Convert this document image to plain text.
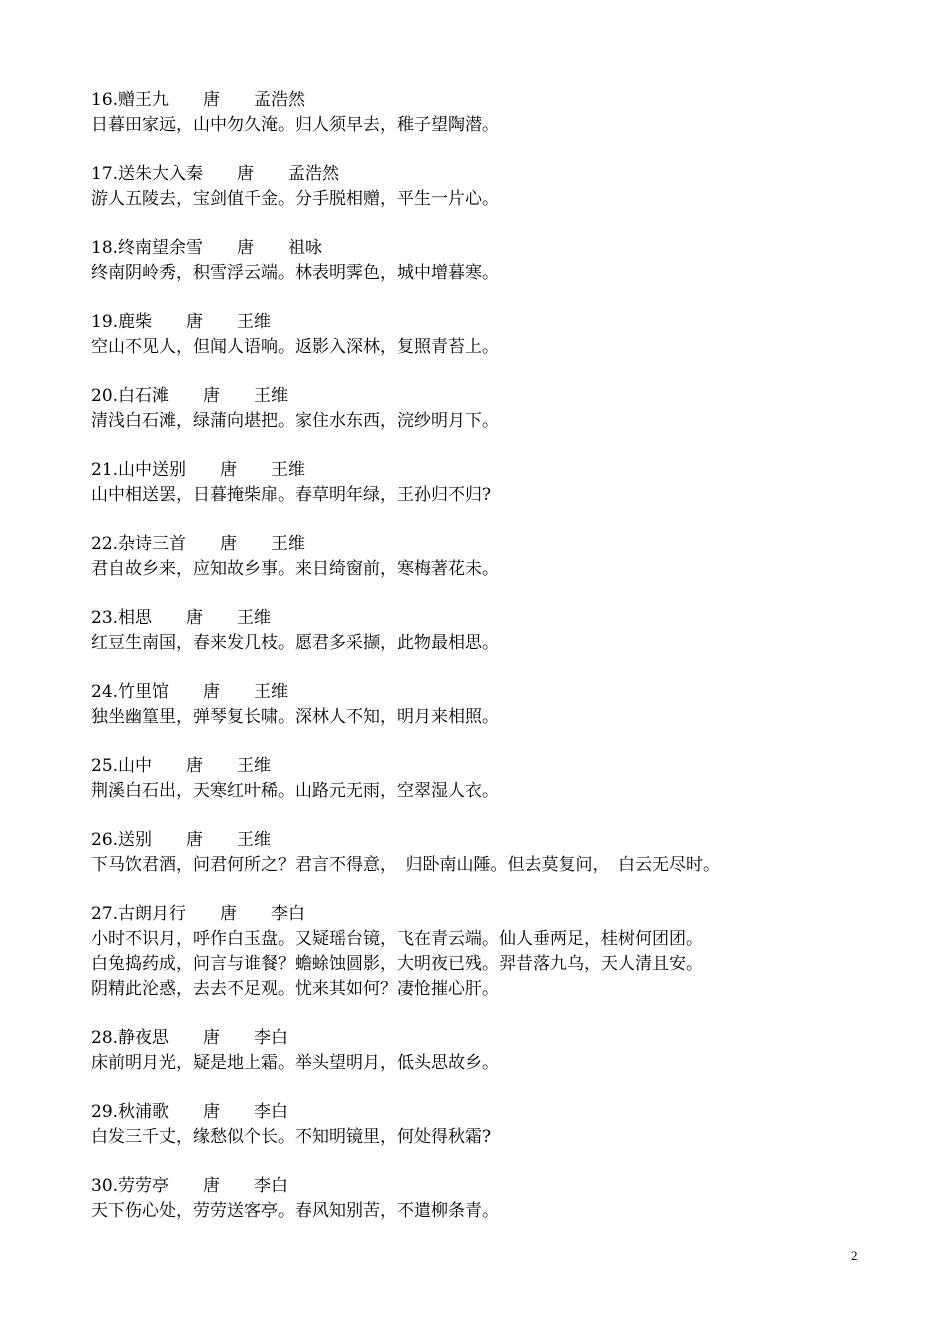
16.赠王九　　唐　　孟浩然
日暮田家远，山中勿久淹。归人须早去，稚子望陶潜。
17.送朱大入秦　　唐　　孟浩然
游人五陵去，宝剑值千金。分手脱相赠，平生一片心。
18.终南望余雪　　唐　　祖咏
终南阴岭秀，积雪浮云端。林表明霁色，城中增暮寒。
19.鹿柴　　唐　　王维
空山不见人，但闻人语响。返影入深林，复照青苔上。
20.白石滩　　唐　　王维
清浅白石滩，绿蒲向堪把。家住水东西，浣纱明月下。
21.山中送别　　唐　　王维
山中相送罢，日暮掩柴扉。春草明年绿，王孙归不归?
22.杂诗三首　　唐　　王维
君自故乡来，应知故乡事。来日绮窗前，寒梅著花未。
23.相思　　唐　　王维
红豆生南国，春来发几枝。愿君多采撷，此物最相思。
24.竹里馆　　唐　　王维
独坐幽篁里，弹琴复长啸。深林人不知，明月来相照。
25.山中　　唐　　王维
荆溪白石出，天寒红叶稀。山路元无雨，空翠湿人衣。
26.送别　　唐　　王维
下马饮君酒，问君何所之？君言不得意，　归卧南山陲。但去莫复问，　白云无尽时。
27.古朗月行　　唐　　李白
小时不识月，呼作白玉盘。又疑瑶台镜，飞在青云端。仙人垂两足，桂树何团团。
白兔捣药成，问言与谁餐？蟾蜍蚀圆影，大明夜已残。羿昔落九乌，天人清且安。
阴精此沦惑，去去不足观。忧来其如何？凄怆摧心肝。
28.静夜思　　唐　　李白
床前明月光，疑是地上霜。举头望明月，低头思故乡。
29.秋浦歌　　唐　　李白
白发三千丈，缘愁似个长。不知明镜里，何处得秋霜?
30.劳劳亭　　唐　　李白
天下伤心处，劳劳送客亭。春风知别苦，不遣柳条青。
2
